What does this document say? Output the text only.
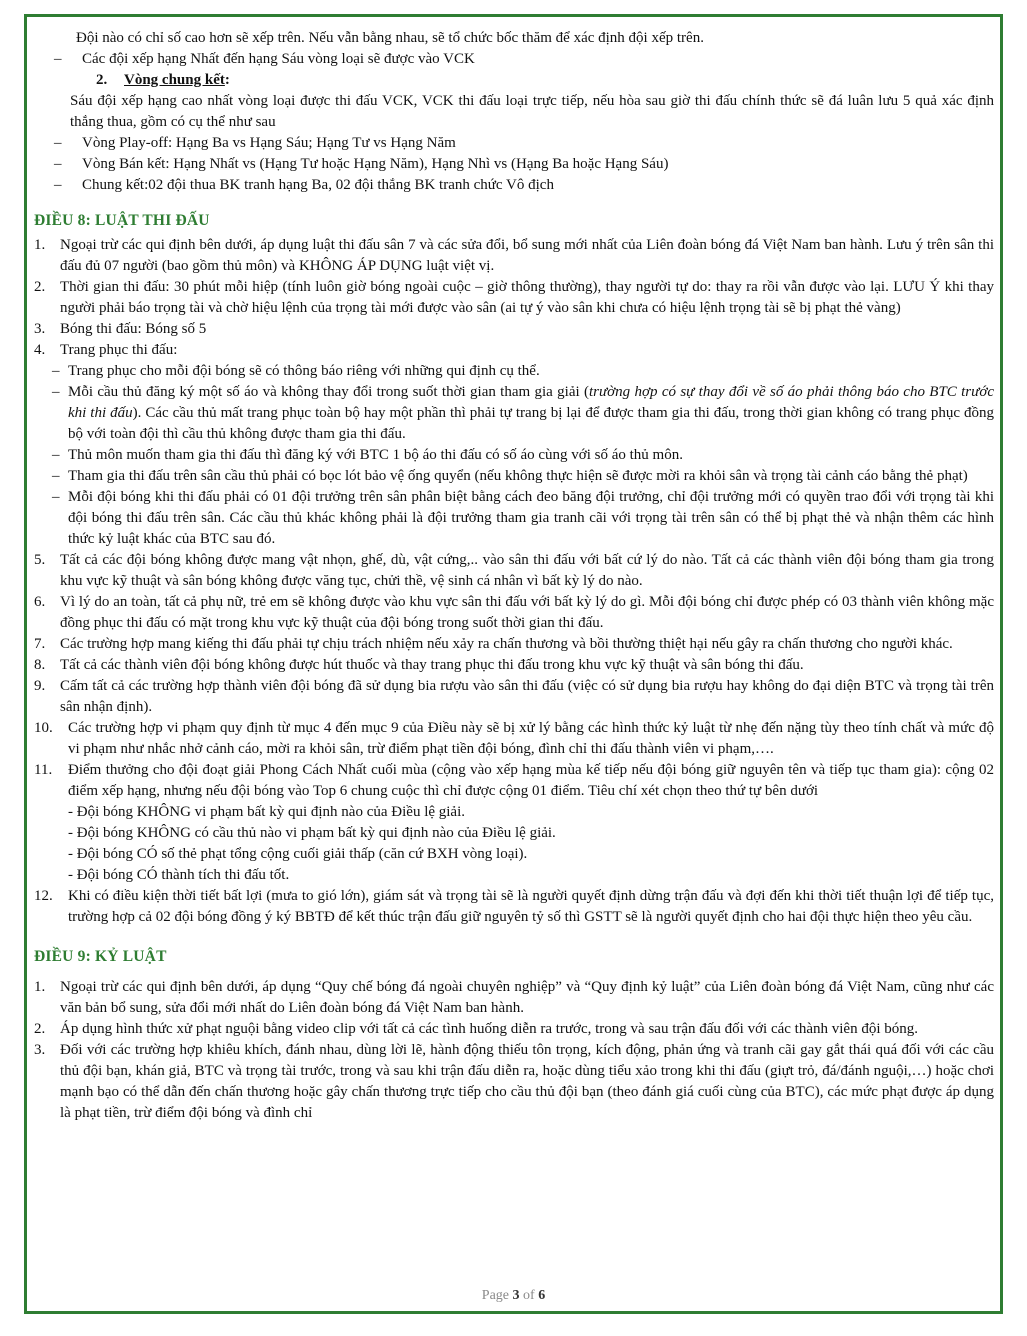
Đội nào có chỉ số cao hơn sẽ xếp trên. Nếu vẫn bằng nhau, sẽ tổ chức bốc thăm để xác định đội xếp trên.
–	Các đội xếp hạng Nhất đến hạng Sáu vòng loại sẽ được vào VCK
2. Vòng chung kết:
Sáu đội xếp hạng cao nhất vòng loại được thi đấu VCK, VCK thi đấu loại trực tiếp, nếu hòa sau giờ thi đấu chính thức sẽ đá luân lưu 5 quả xác định thắng thua, gồm có cụ thể như sau
–	Vòng Play-off: Hạng Ba vs Hạng Sáu; Hạng Tư vs Hạng Năm
–	Vòng Bán kết: Hạng Nhất vs (Hạng Tư hoặc Hạng Năm), Hạng Nhì vs (Hạng Ba hoặc Hạng Sáu)
–	Chung kết:02 đội thua BK tranh hạng Ba, 02 đội thắng BK tranh chức Vô địch
ĐIỀU 8: LUẬT THI ĐẤU
1. Ngoại trừ các qui định bên dưới, áp dụng luật thi đấu sân 7 và các sửa đổi, bổ sung mới nhất của Liên đoàn bóng đá Việt Nam ban hành. Lưu ý trên sân thi đấu đủ 07 người (bao gồm thủ môn) và KHÔNG ÁP DỤNG luật việt vị.
2. Thời gian thi đấu: 30 phút mỗi hiệp (tính luôn giờ bóng ngoài cuộc – giờ thông thường), thay người tự do: thay ra rồi vẫn được vào lại. LƯU Ý khi thay người phải báo trọng tài và chờ hiệu lệnh của trọng tài mới được vào sân (ai tự ý vào sân khi chưa có hiệu lệnh trọng tài sẽ bị phạt thẻ vàng)
3. Bóng thi đấu: Bóng số 5
4. Trang phục thi đấu:
– Trang phục cho mỗi đội bóng sẽ có thông báo riêng với những qui định cụ thể.
– Mỗi cầu thủ đăng ký một số áo và không thay đổi trong suốt thời gian tham gia giải (trường hợp có sự thay đổi về số áo phải thông báo cho BTC trước khi thi đấu). Các cầu thủ mất trang phục toàn bộ hay một phần thì phải tự trang bị lại để được tham gia thi đấu, trong thời gian không có trang phục đồng bộ với toàn đội thì cầu thủ không được tham gia thi đấu.
– Thủ môn muốn tham gia thi đấu thì đăng ký với BTC 1 bộ áo thi đấu có số áo cùng với số áo thủ môn.
– Tham gia thi đấu trên sân cầu thủ phải có bọc lót bảo vệ ống quyển (nếu không thực hiện sẽ được mời ra khỏi sân và trọng tài cảnh cáo bằng thẻ phạt)
– Mỗi đội bóng khi thi đấu phải có 01 đội trưởng trên sân phân biệt bằng cách đeo băng đội trưởng, chỉ đội trưởng mới có quyền trao đổi với trọng tài khi đội bóng thi đấu trên sân. Các cầu thủ khác không phải là đội trưởng tham gia tranh cãi với trọng tài trên sân có thể bị phạt thẻ và nhận thêm các hình thức kỷ luật khác của BTC sau đó.
5. Tất cả các đội bóng không được mang vật nhọn, ghế, dù, vật cứng,.. vào sân thi đấu với bất cứ lý do nào. Tất cả các thành viên đội bóng tham gia trong khu vực kỹ thuật và sân bóng không được văng tục, chửi thề, vệ sinh cá nhân vì bất kỳ lý do nào.
6. Vì lý do an toàn, tất cả phụ nữ, trẻ em sẽ không được vào khu vực sân thi đấu với bất kỳ lý do gì. Mỗi đội bóng chỉ được phép có 03 thành viên không mặc đồng phục thi đấu có mặt trong khu vực kỹ thuật của đội bóng trong suốt thời gian thi đấu.
7. Các trường hợp mang kiếng thi đấu phải tự chịu trách nhiệm nếu xảy ra chấn thương và bồi thường thiệt hại nếu gây ra chấn thương cho người khác.
8. Tất cả các thành viên đội bóng không được hút thuốc và thay trang phục thi đấu trong khu vực kỹ thuật và sân bóng thi đấu.
9. Cấm tất cả các trường hợp thành viên đội bóng đã sử dụng bia rượu vào sân thi đấu (việc có sử dụng bia rượu hay không do đại diện BTC và trọng tài trên sân nhận định).
10.	Các trường hợp vi phạm quy định từ mục 4 đến mục 9 của Điều này sẽ bị xử lý bằng các hình thức kỷ luật từ nhẹ đến nặng tùy theo tính chất và mức độ vi phạm như nhắc nhở cảnh cáo, mời ra khỏi sân, trừ điểm phạt tiền đội bóng, đình chỉ thi đấu thành viên vi phạm,….
11.	Điểm thưởng cho đội đoạt giải Phong Cách Nhất cuối mùa (cộng vào xếp hạng mùa kế tiếp nếu đội bóng giữ nguyên tên và tiếp tục tham gia): cộng 02 điểm xếp hạng, nhưng nếu đội bóng vào Top 6 chung cuộc thì chỉ được cộng 01 điểm. Tiêu chí xét chọn theo thứ tự bên dưới
- Đội bóng KHÔNG vi phạm bất kỳ qui định nào của Điều lệ giải.
- Đội bóng KHÔNG có cầu thủ nào vi phạm bất kỳ qui định nào của Điều lệ giải.
- Đội bóng CÓ số thẻ phạt tổng cộng cuối giải thấp (căn cứ BXH vòng loại).
- Đội bóng CÓ thành tích thi đấu tốt.
12.	Khi có điều kiện thời tiết bất lợi (mưa to gió lớn), giám sát và trọng tài sẽ là người quyết định dừng trận đấu và đợi đến khi thời tiết thuận lợi để tiếp tục, trường hợp cả 02 đội bóng đồng ý ký BBTĐ để kết thúc trận đấu giữ nguyên tỷ số thì GSTT sẽ là người quyết định cho hai đội thực hiện theo yêu cầu.
ĐIỀU 9: KỶ LUẬT
1. Ngoại trừ các qui định bên dưới, áp dụng “Quy chế bóng đá ngoài chuyên nghiệp” và “Quy định kỷ luật” của Liên đoàn bóng đá Việt Nam, cũng như các văn bản bổ sung, sửa đổi mới nhất do Liên đoàn bóng đá Việt Nam ban hành.
2. Áp dụng hình thức xử phạt nguội bằng video clip với tất cả các tình huống diễn ra trước, trong và sau trận đấu đối với các thành viên đội bóng.
3. Đối với các trường hợp khiêu khích, đánh nhau, dùng lời lẽ, hành động thiếu tôn trọng, kích động, phản ứng và tranh cãi gay gắt thái quá đối với các cầu thủ đội bạn, khán giả, BTC và trọng tài trước, trong và sau khi trận đấu diễn ra, hoặc dùng tiểu xảo trong khi thi đấu (giựt trỏ, đá/đánh nguội,…) hoặc chơi mạnh bạo có thể dẫn đến chấn thương hoặc gây chấn thương trực tiếp cho cầu thủ đội bạn (theo đánh giá cuối cùng của BTC), các mức phạt được áp dụng là phạt tiền, trừ điểm đội bóng và đình chỉ
Page 3 of 6
